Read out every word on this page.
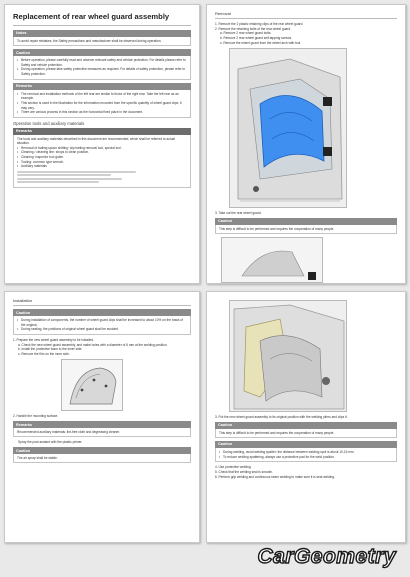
Replacement of rear wheel guard assembly
Notes
To avoid repair mistakes, the Safety precautions and manufacturer shall be observed during operation.
Caution
• Before operation, please carefully read and observe relevant safety and vehicle protection. For details please refer to Safety and vehicle protection.
• During operation, please take safety protective measures as required. For details of safety protection, please refer to Safety protection.
Remarks
• The removal and installation methods of the left rear are similar to those of the right rear. Take the left rear as an example.
• This section is used in the illustration for the information recorded from the specific quantity of wheel guard clips; it may vary.
• There are various process in this section as the horizontal fixed place in the document.
Operation tools and auxiliary materials
Remarks
The tools and auxiliary materials described in this document are recommended, which shall be referred to actual situation.
• Removal of trailing spoon shifting: clip trailing removal tool, special tool.
• Cleaning / cleaning line: shops to clean position.
• Cleaning: inspector tool guide.
• Tooling: common type wrench.
• Auxiliary materials
Removal
1. Remove the 2 plastic retaining clips of the rear wheel guard.
2. Remove the retaining bolts of the rear wheel guard.
a. Remove 2 rear wheel guard bolts.
b. Remove 2 rear wheel guard self-tapping screws.
c. Remove the wheel guard from the wheel arch with tool.
3. Take out the rear wheel guard.
Caution
This step is difficult to be performed and requires the cooperation of many people.
Installation
Caution
• During installation of components, the number of wheel guard clips shall be increased to about 10% on the basis of the original.
• During sealing, the positions of original wheel guard shall be avoided.
1. Prepare the new wheel guard assembly to be installed.
a. Check the new wheel guard assembly, and make holes with a diameter of 6 mm at the welding position.
b. Install the protective foam to the inner side.
c. Remove the film on the inner side.
2. Handle the mounting surface.
Remarks
Recommended auxiliary materials: lint-free cloth and degreasing cleaner.
Spray the post-sealant with the plastic primer.
Caution
The air spray shall be stable.
3. Put the new wheel guard assembly to its original position with the welding pliers and clips it.
Caution
This step is difficult to be performed and requires the cooperation of many people.
Caution
• During welding, avoid welding spatter; the distance between welding spot is about 10-15 mm.
• To reduce welding spattering, always use a protective pad for the weld position.
4. Use protective welding.
5. Check that the welding seal is smooth.
6. Perform grip welding and continuous seam welding to make sure it is seal welding.
CarGeometry
